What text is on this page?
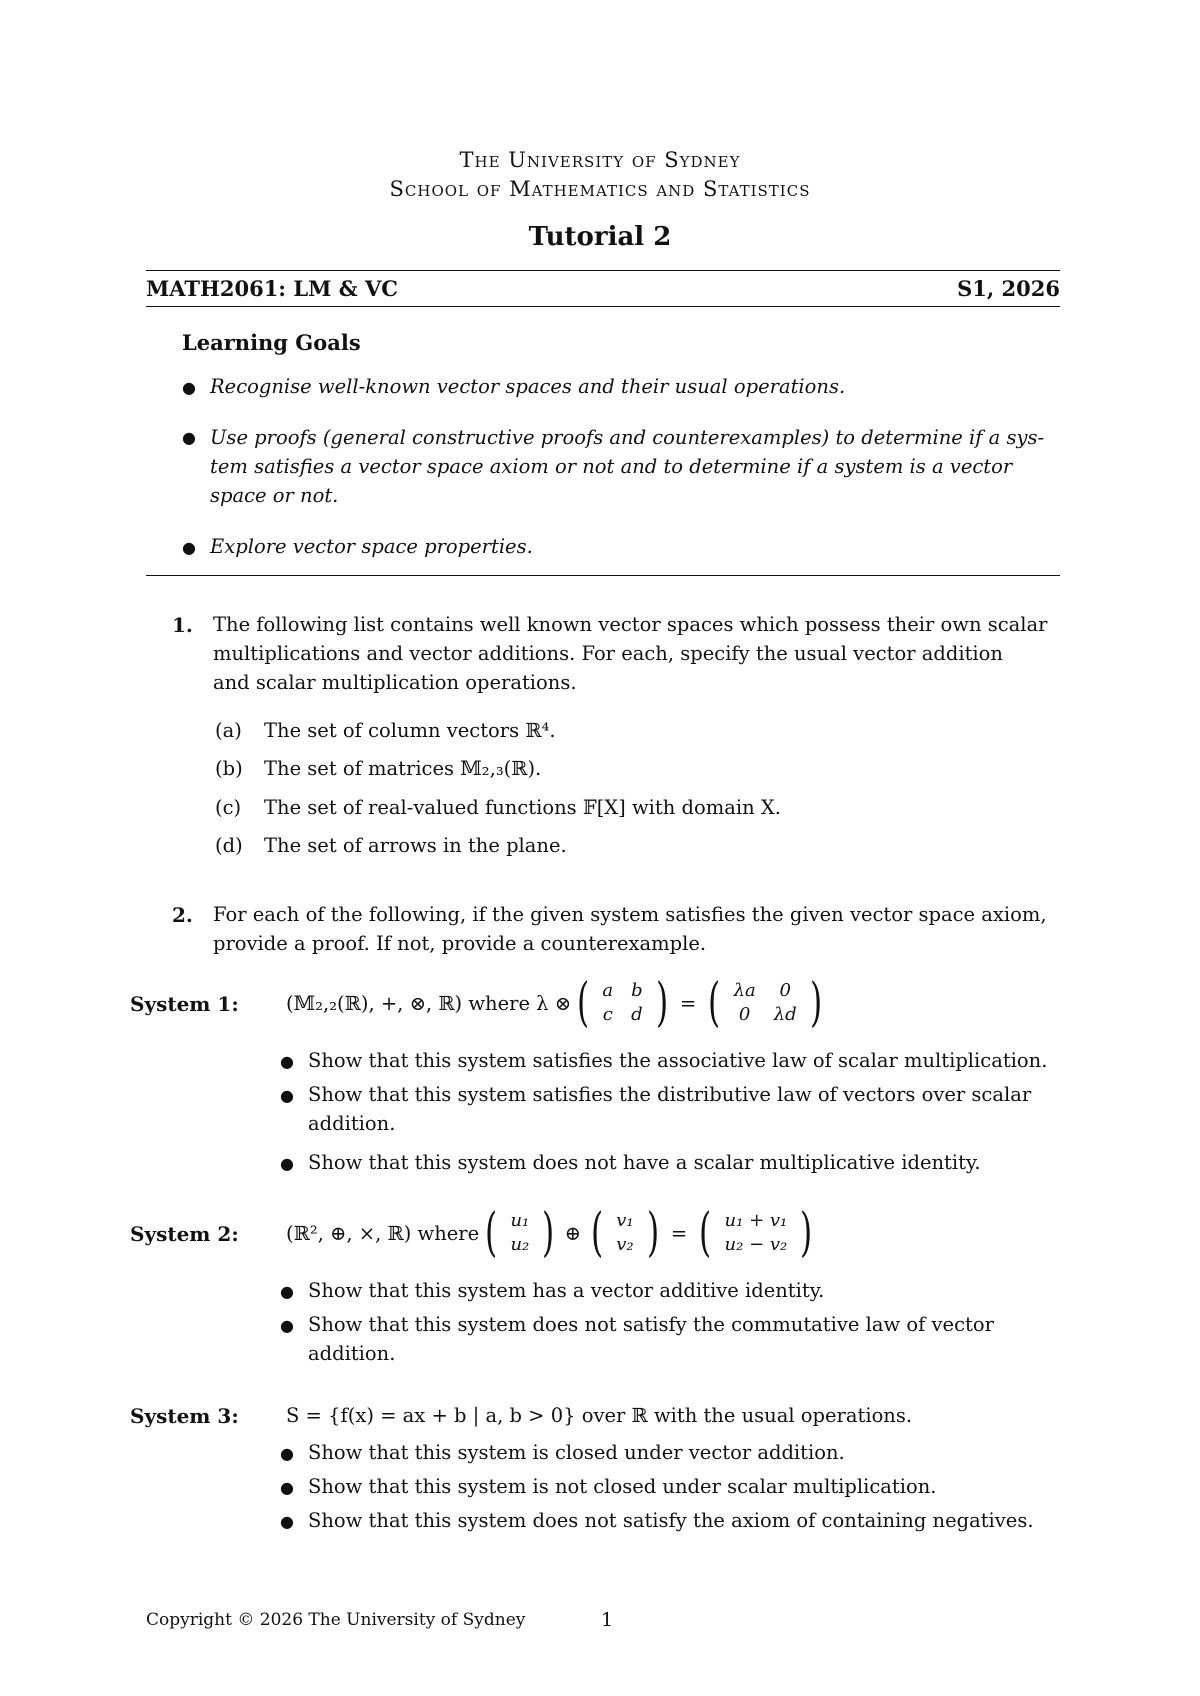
The University of Sydney
School of Mathematics and Statistics
Tutorial 2
MATH2061: LM & VC	S1, 2026
Learning Goals
● Recognise well-known vector spaces and their usual operations.
● Use proofs (general constructive proofs and counterexamples) to determine if a sys-
tem satisfies a vector space axiom or not and to determine if a system is a vector
space or not.
● Explore vector space properties.
1. The following list contains well known vector spaces which possess their own scalar
multiplications and vector additions. For each, specify the usual vector addition
and scalar multiplication operations.
(a) The set of column vectors ℝ⁴.
(b) The set of matrices 𝕄₂,₃(ℝ).
(c) The set of real-valued functions 𝔽[X] with domain X.
(d) The set of arrows in the plane.
2. For each of the following, if the given system satisfies the given vector space axiom,
provide a proof. If not, provide a counterexample.
System 1: (𝕄₂,₂(ℝ), +, ⊗, ℝ) where λ ⊗ ( a	b
c	d ) = ( λa	0
0	λd )
● Show that this system satisfies the associative law of scalar multiplication.
● Show that this system satisfies the distributive law of vectors over scalar
addition.
● Show that this system does not have a scalar multiplicative identity.
System 2: (ℝ², ⊕, ×, ℝ) where ( u₁
u₂ ) ⊕ ( v₁
v₂ ) = ( u₁ + v₁
u₂ − v₂ )
● Show that this system has a vector additive identity.
● Show that this system does not satisfy the commutative law of vector
addition.
System 3: S = {f(x) = ax + b | a, b > 0} over ℝ with the usual operations.
● Show that this system is closed under vector addition.
● Show that this system is not closed under scalar multiplication.
● Show that this system does not satisfy the axiom of containing negatives.
Copyright © 2026 The University of Sydney	1
